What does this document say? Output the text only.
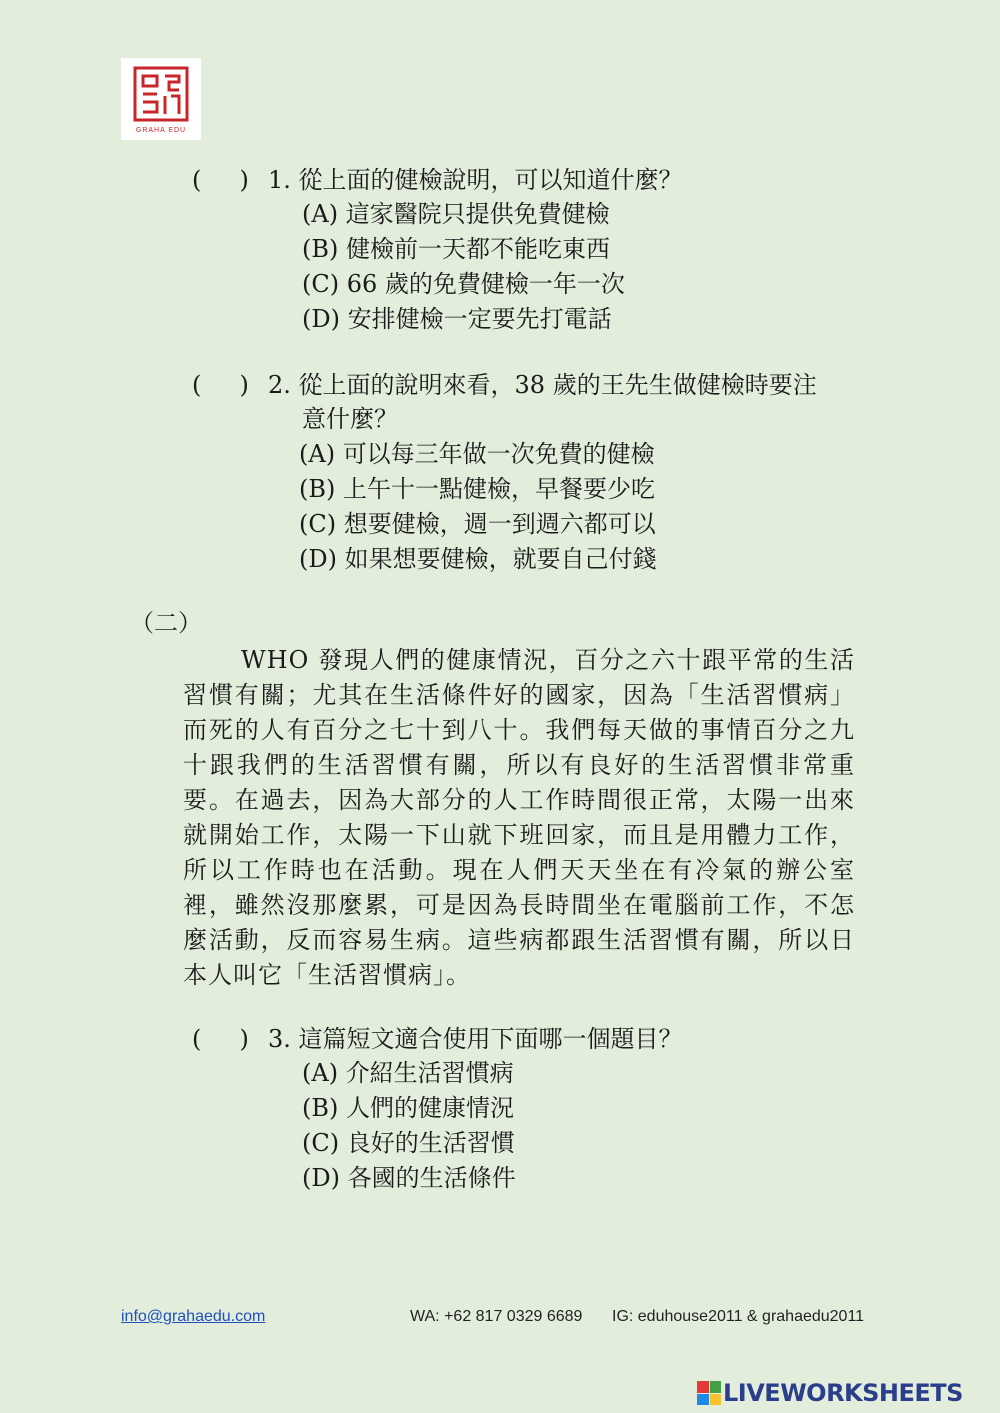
GRAHA EDU
(     ) 1. 從上面的健檢說明，可以知道什麼？
(A) 這家醫院只提供免費健檢
(B) 健檢前一天都不能吃東西
(C) 66 歲的免費健檢一年一次
(D) 安排健檢一定要先打電話
(     ) 2. 從上面的說明來看，38 歲的王先生做健檢時要注
意什麼？
(A) 可以每三年做一次免費的健檢
(B) 上午十一點健檢，早餐要少吃
(C) 想要健檢，週一到週六都可以
(D) 如果想要健檢，就要自己付錢
（二）
WHO 發現人們的健康情況，百分之六十跟平常的生活習慣有關；尤其在生活條件好的國家，因為「生活習慣病」而死的人有百分之七十到八十。我們每天做的事情百分之九十跟我們的生活習慣有關，所以有良好的生活習慣非常重要。在過去，因為大部分的人工作時間很正常，太陽一出來就開始工作，太陽一下山就下班回家，而且是用體力工作，所以工作時也在活動。現在人們天天坐在有冷氣的辦公室裡，雖然沒那麼累，可是因為長時間坐在電腦前工作，不怎麼活動，反而容易生病。這些病都跟生活習慣有關，所以日本人叫它「生活習慣病」。
(     ) 3. 這篇短文適合使用下面哪一個題目？
(A) 介紹生活習慣病
(B) 人們的健康情況
(C) 良好的生活習慣
(D) 各國的生活條件
info@grahaedu.com	WA: +62 817 0329 6689 IG: eduhouse2011 & grahaedu2011
LIVEWORKSHEETS
